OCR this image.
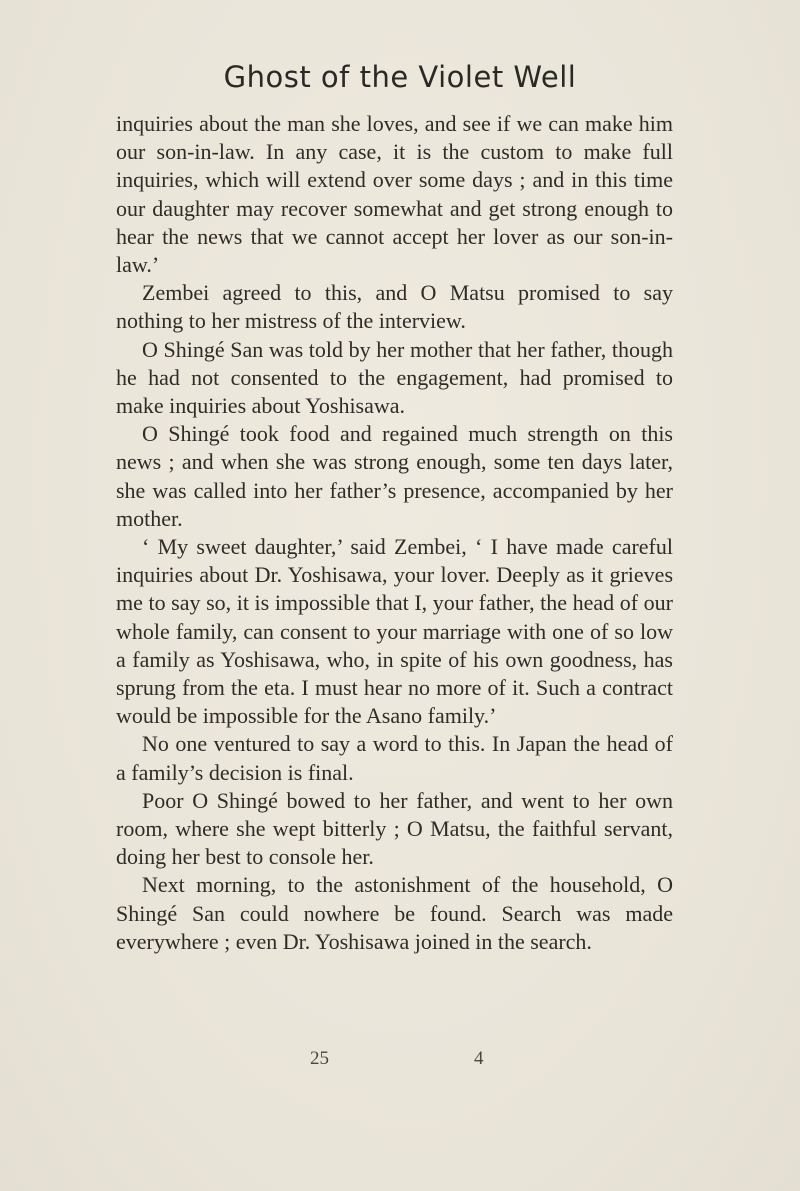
Ghost of the Violet Well

inquiries about the man she loves, and see if we can make him our son-in-law. In any case, it is the custom to make full inquiries, which will extend over some days ; and in this time our daughter may recover somewhat and get strong enough to hear the news that we cannot accept her lover as our son-in-law.’

Zembei agreed to this, and O Matsu promised to say nothing to her mistress of the interview.

O Shingé San was told by her mother that her father, though he had not consented to the engagement, had promised to make inquiries about Yoshisawa.

O Shingé took food and regained much strength on this news ; and when she was strong enough, some ten days later, she was called into her father’s presence, accompanied by her mother.

‘ My sweet daughter,’ said Zembei, ‘ I have made careful inquiries about Dr. Yoshisawa, your lover. Deeply as it grieves me to say so, it is impossible that I, your father, the head of our whole family, can consent to your marriage with one of so low a family as Yoshisawa, who, in spite of his own goodness, has sprung from the eta. I must hear no more of it. Such a contract would be impossible for the Asano family.’

No one ventured to say a word to this. In Japan the head of a family’s decision is final.

Poor O Shingé bowed to her father, and went to her own room, where she wept bitterly ; O Matsu, the faithful servant, doing her best to console her.

Next morning, to the astonishment of the household, O Shingé San could nowhere be found. Search was made everywhere ; even Dr. Yoshisawa joined in the search.

25	4
